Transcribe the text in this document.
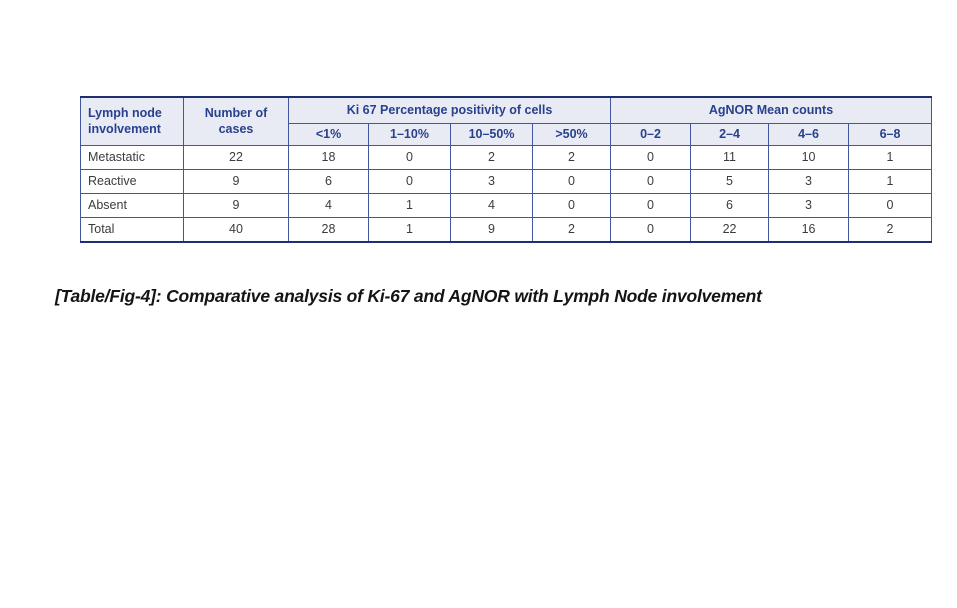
Lymph node involvement	Number of cases	Ki 67 Percentage positivity of cells				AgNOR Mean counts			
		<1%	1–10%	10–50%	>50%	0–2	2–4	4–6	6–8
Metastatic	22	18	0	2	2	0	11	10	1
Reactive	9	6	0	3	0	0	5	3	1
Absent	9	4	1	4	0	0	6	3	0
Total	40	28	1	9	2	0	22	16	2
[Table/Fig-4]: Comparative analysis of Ki-67 and AgNOR with Lymph Node involvement
